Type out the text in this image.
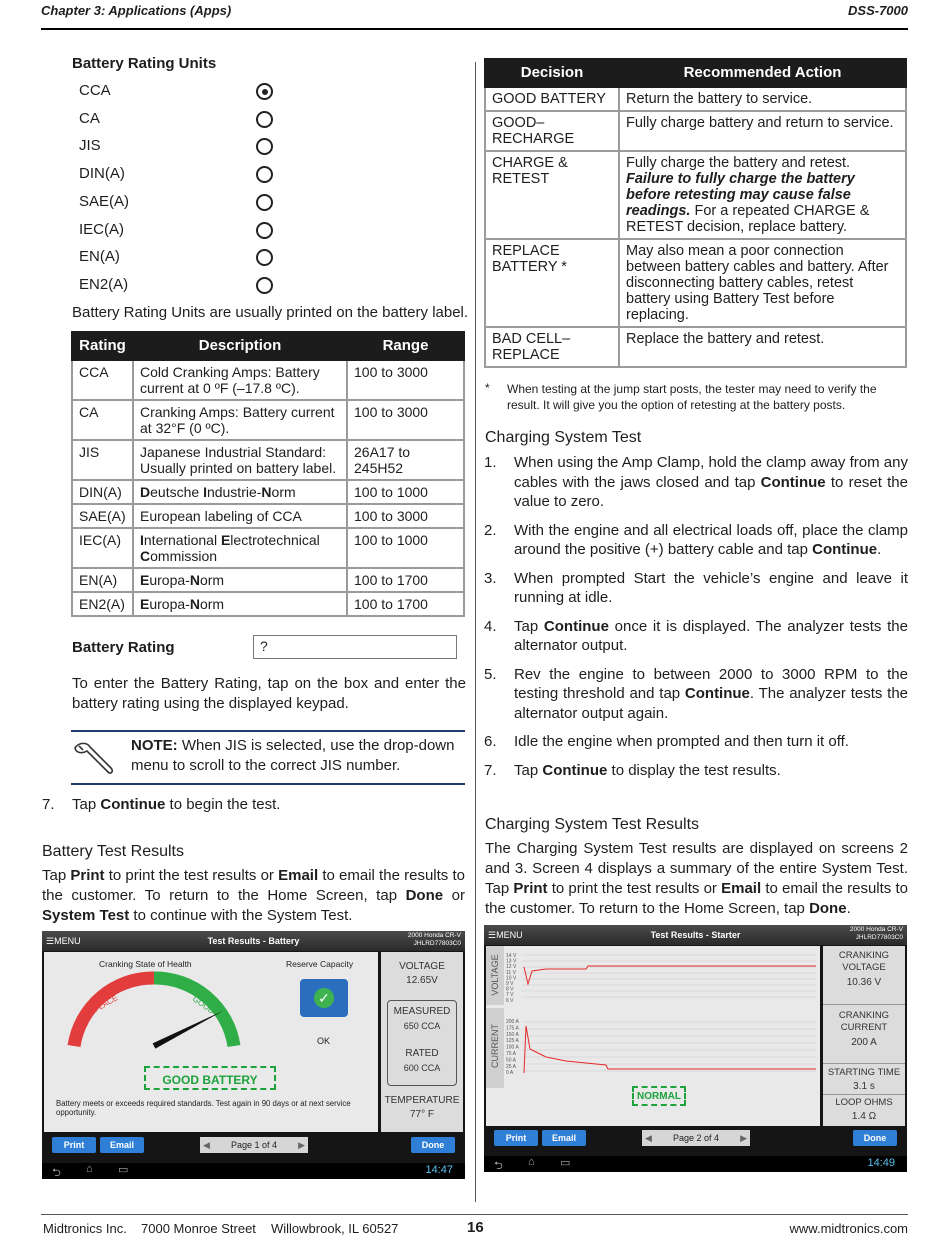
Chapter 3: Applications (Apps)	DSS-7000
Battery Rating Units
CCA
CA
JIS
DIN(A)
SAE(A)
IEC(A)
EN(A)
EN2(A)
Battery Rating Units are usually printed on the battery label.
Rating	Description	Range
CCA	Cold Cranking Amps: Battery current at 0 ºF (–17.8 ºC).	100 to 3000
CA	Cranking Amps: Battery current at 32°F (0 ºC).	100 to 3000
JIS	Japanese Industrial Standard: Usually printed on battery label.	26A17 to 245H52
DIN(A)	Deutsche Industrie-Norm	100 to 1000
SAE(A)	European labeling of CCA	100 to 3000
IEC(A)	International Electrotechnical Commission	100 to 1000
EN(A)	Europa-Norm	100 to 1700
EN2(A)	Europa-Norm	100 to 1700
Battery Rating	?
To enter the Battery Rating, tap on the box and enter the battery rating using the displayed keypad.
NOTE: When JIS is selected, use the drop-down menu to scroll to the correct JIS number.
7. Tap Continue to begin the test.
Battery Test Results
Tap Print to print the test results or Email to email the results to the customer. To return to the Home Screen, tap Done or System Test to continue with the System Test.
☰MENU	Test Results - Battery
2000 Honda CR-V
JHLRD77803C0
Cranking State of Health	Reserve Capacity
REPLACE	GOOD	✓
OK
GOOD BATTERY
Battery meets or exceeds required standards. Test again in 90 days or at next service opportunity.
VOLTAGE
12.65V
MEASURED
650 CCA
RATED
600 CCA
TEMPERATURE
77° F
Print	Email	◀ Page 1 of 4 ▶	Done
⮌ ⌂ ▭	14:47
Decision	Recommended Action
GOOD BATTERY	Return the battery to service.
GOOD–RECHARGE	Fully charge battery and return to service.
CHARGE & RETEST	Fully charge the battery and retest.
Failure to fully charge the battery before retesting may cause false readings. For a repeated CHARGE & RETEST decision, replace battery.
REPLACE BATTERY *	May also mean a poor connection between battery cables and battery. After disconnecting battery cables, retest battery using Battery Test before replacing.
BAD CELL–REPLACE	Replace the battery and retest.
* When testing at the jump start posts, the tester may need to verify the result. It will give you the option of retesting at the battery posts.
Charging System Test
1. When using the Amp Clamp, hold the clamp away from any cables with the jaws closed and tap Continue to reset the value to zero.
2. With the engine and all electrical loads off, place the clamp around the positive (+) battery cable and tap Continue.
3. When prompted Start the vehicle’s engine and leave it running at idle.
4. Tap Continue once it is displayed. The analyzer tests the alternator output.
5. Rev the engine to between 2000 to 3000 RPM to the testing threshold and tap Continue. The analyzer tests the alternator output again.
6. Idle the engine when prompted and then turn it off.
7. Tap Continue to display the test results.
Charging System Test Results
The Charging System Test results are displayed on screens 2 and 3. Screen 4 displays a summary of the entire System Test. Tap Print to print the test results or Email to email the results to the customer. To return to the Home Screen, tap Done.
☰MENU	Test Results - Starter
2000 Honda CR-V
JHLRD77803C0
VOLTAGE
CURRENT
14 V
13 V
12 V
11 V
10 V
9 V
8 V
7 V
6 V
200 A
175 A
150 A
125 A
100 A
75 A
50 A
25 A
0 A
NORMAL
CRANKING VOLTAGE
10.36 V
CRANKING CURRENT
200 A
STARTING TIME
3.1 s
LOOP OHMS
1.4 Ω
Print	Email	◀ Page 2 of 4 ▶	Done
⮌ ⌂ ▭	14:49
Midtronics Inc. 7000 Monroe Street Willowbrook, IL 60527	16	www.midtronics.com
